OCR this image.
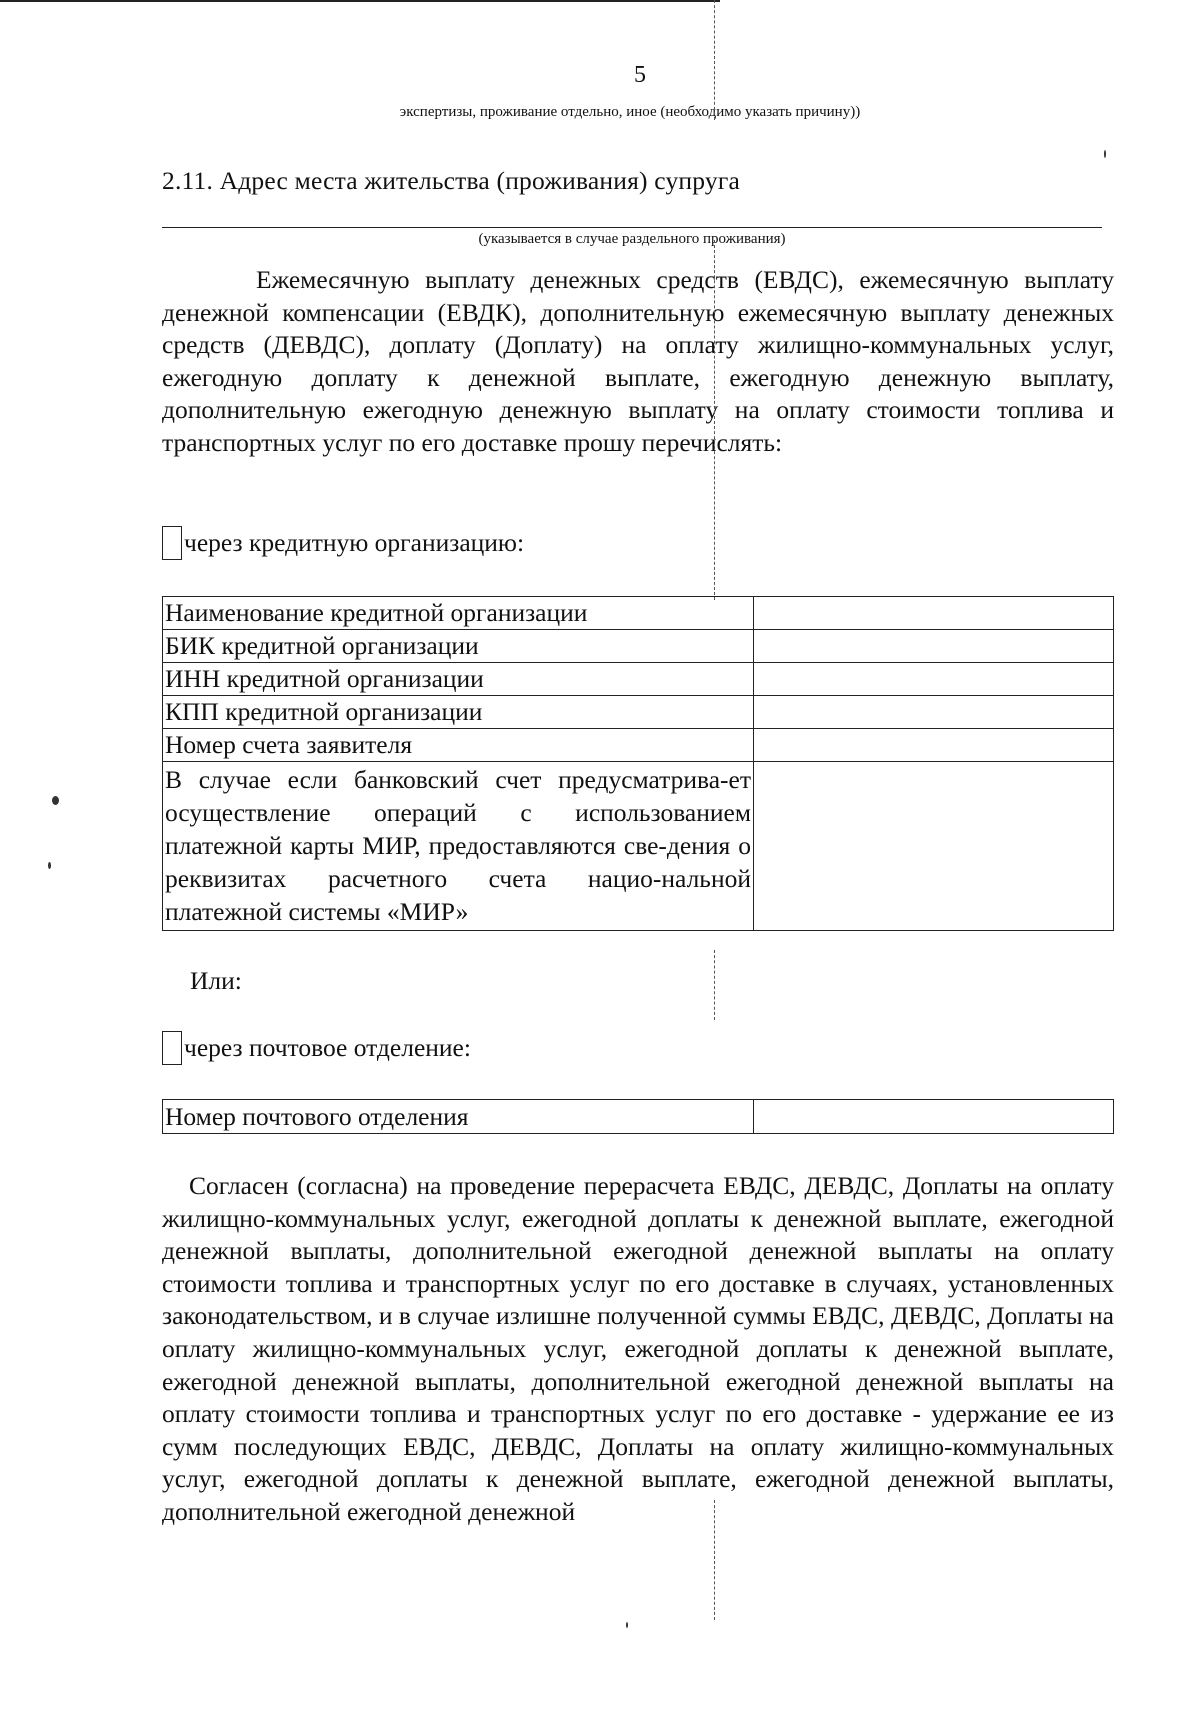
5
экспертизы, проживание отдельно, иное (необходимо указать причину))
2.11. Адрес места жительства (проживания) супруга
(указывается в случае раздельного проживания)

Ежемесячную выплату денежных средств (ЕВДС), ежемесячную выплату денежной компенсации (ЕВДК), дополнительную ежемесячную выплату денежных средств (ДЕВДС), доплату (Доплату) на оплату жилищно-коммунальных услуг, ежегодную доплату к денежной выплате, ежегодную денежную выплату, дополнительную ежегодную денежную выплату на оплату стоимости топлива и транспортных услуг по его доставке прошу перечислять:

через кредитную организацию:
Наименование кредитной организации	
БИК кредитной организации	
ИНН кредитной организации	
КПП кредитной организации	
Номер счета заявителя	
В случае если банковский счет предусматрива-ет осуществление операций с использованием платежной карты МИР, предоставляются све-дения о реквизитах расчетного счета нацио-нальной платежной системы «МИР»	
Или:
через почтовое отделение:
Номер почтового отделения	

Согласен (согласна) на проведение перерасчета ЕВДС, ДЕВДС, Доплаты на оплату жилищно-коммунальных услуг, ежегодной доплаты к денежной выплате, ежегодной денежной выплаты, дополнительной ежегодной денежной выплаты на оплату стоимости топлива и транспортных услуг по его доставке в случаях, установленных законодательством, и в случае излишне полученной суммы ЕВДС, ДЕВДС, Доплаты на оплату жилищно-коммунальных услуг, ежегодной доплаты к денежной выплате, ежегодной денежной выплаты, дополнительной ежегодной денежной выплаты на оплату стоимости топлива и транспортных услуг по его доставке - удержание ее из сумм последующих ЕВДС, ДЕВДС, Доплаты на оплату жилищно-коммунальных услуг, ежегодной доплаты к денежной выплате, ежегодной денежной выплаты, дополнительной ежегодной денежной
